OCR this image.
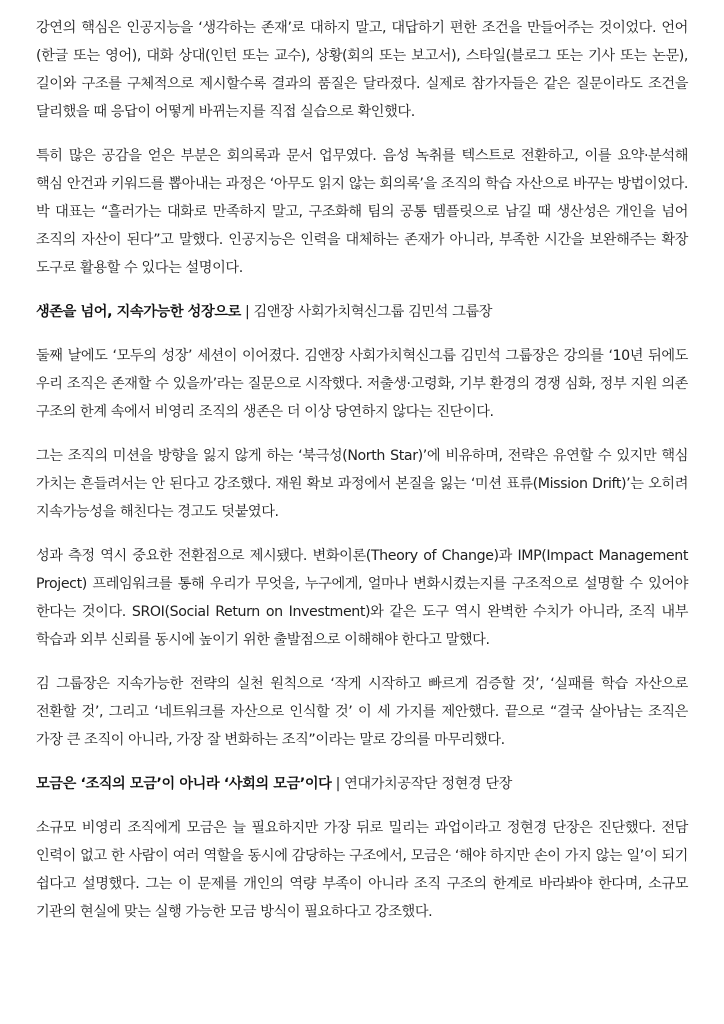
강연의 핵심은 인공지능을 ‘생각하는 존재’로 대하지 말고, 대답하기 편한 조건을 만들어주는 것이었다. 언어(한글 또는 영어), 대화 상대(인턴 또는 교수), 상황(회의 또는 보고서), 스타일(블로그 또는 기사 또는 논문), 길이와 구조를 구체적으로 제시할수록 결과의 품질은 달라졌다. 실제로 참가자들은 같은 질문이라도 조건을 달리했을 때 응답이 어떻게 바뀌는지를 직접 실습으로 확인했다.

특히 많은 공감을 얻은 부분은 회의록과 문서 업무였다. 음성 녹취를 텍스트로 전환하고, 이를 요약·분석해 핵심 안건과 키워드를 뽑아내는 과정은 ‘아무도 읽지 않는 회의록’을 조직의 학습 자산으로 바꾸는 방법이었다. 박 대표는 “흘러가는 대화로 만족하지 말고, 구조화해 팀의 공통 템플릿으로 남길 때 생산성은 개인을 넘어 조직의 자산이 된다”고 말했다. 인공지능은 인력을 대체하는 존재가 아니라, 부족한 시간을 보완해주는 확장 도구로 활용할 수 있다는 설명이다.

생존을 넘어, 지속가능한 성장으로 | 김앤장 사회가치혁신그룹 김민석 그룹장

둘째 날에도 ‘모두의 성장’ 세션이 이어졌다. 김앤장 사회가치혁신그룹 김민석 그룹장은 강의를 ‘10년 뒤에도 우리 조직은 존재할 수 있을까’라는 질문으로 시작했다. 저출생·고령화, 기부 환경의 경쟁 심화, 정부 지원 의존 구조의 한계 속에서 비영리 조직의 생존은 더 이상 당연하지 않다는 진단이다.

그는 조직의 미션을 방향을 잃지 않게 하는 ‘북극성(North Star)’에 비유하며, 전략은 유연할 수 있지만 핵심 가치는 흔들려서는 안 된다고 강조했다. 재원 확보 과정에서 본질을 잃는 ‘미션 표류(Mission Drift)’는 오히려 지속가능성을 해친다는 경고도 덧붙였다.

성과 측정 역시 중요한 전환점으로 제시됐다. 변화이론(Theory of Change)과 IMP(Impact Management Project) 프레임워크를 통해 우리가 무엇을, 누구에게, 얼마나 변화시켰는지를 구조적으로 설명할 수 있어야 한다는 것이다. SROI(Social Return on Investment)와 같은 도구 역시 완벽한 수치가 아니라, 조직 내부 학습과 외부 신뢰를 동시에 높이기 위한 출발점으로 이해해야 한다고 말했다.

김 그룹장은 지속가능한 전략의 실천 원칙으로 ‘작게 시작하고 빠르게 검증할 것’, ‘실패를 학습 자산으로 전환할 것’, 그리고 ‘네트워크를 자산으로 인식할 것’ 이 세 가지를 제안했다. 끝으로 “결국 살아남는 조직은 가장 큰 조직이 아니라, 가장 잘 변화하는 조직”이라는 말로 강의를 마무리했다.

모금은 ‘조직의 모금’이 아니라 ‘사회의 모금’이다 | 연대가치공작단 정현경 단장

소규모 비영리 조직에게 모금은 늘 필요하지만 가장 뒤로 밀리는 과업이라고 정현경 단장은 진단했다. 전담 인력이 없고 한 사람이 여러 역할을 동시에 감당하는 구조에서, 모금은 ‘해야 하지만 손이 가지 않는 일’이 되기 쉽다고 설명했다. 그는 이 문제를 개인의 역량 부족이 아니라 조직 구조의 한계로 바라봐야 한다며, 소규모 기관의 현실에 맞는 실행 가능한 모금 방식이 필요하다고 강조했다.
